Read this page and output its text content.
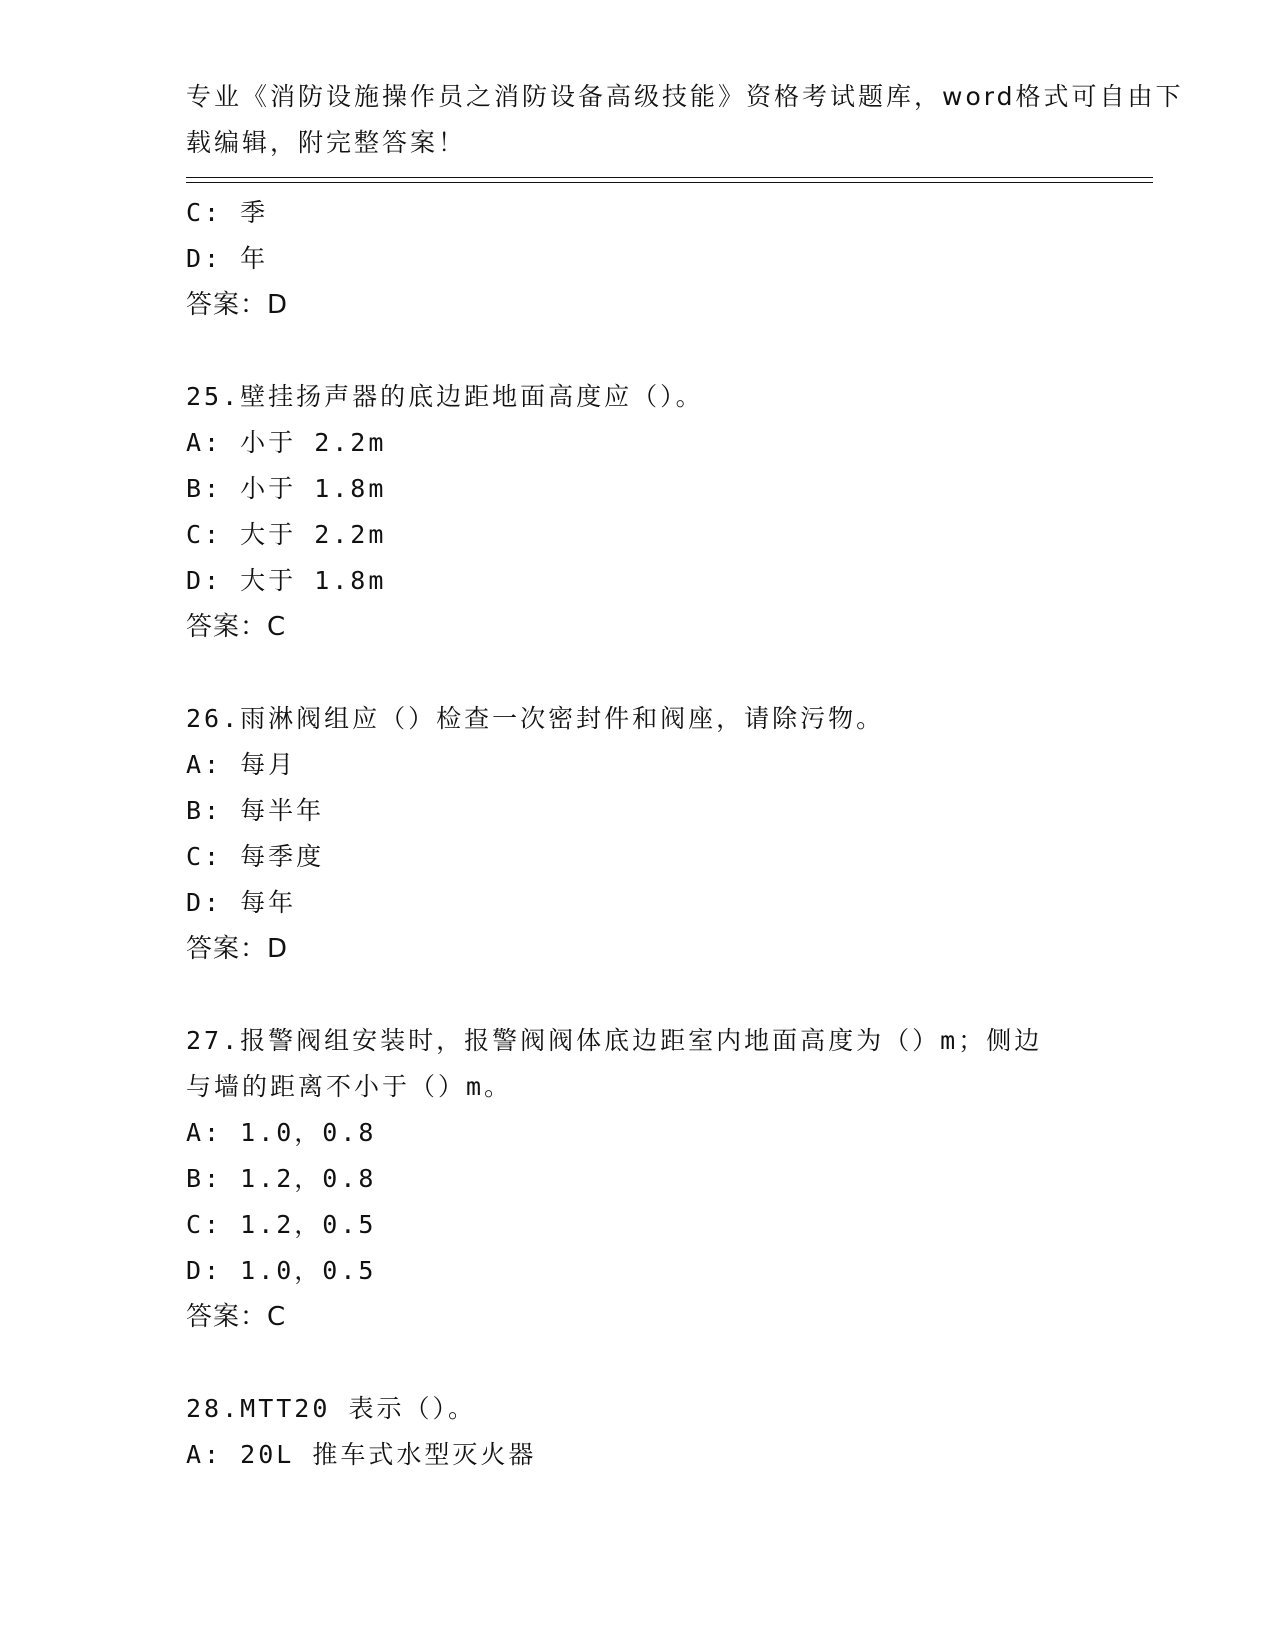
专业《消防设施操作员之消防设备高级技能》资格考试题库，word格式可自由下
载编辑，附完整答案！
C: 季
D: 年
答案：D
25.壁挂扬声器的底边距地面高度应（）。
A: 小于 2.2m
B: 小于 1.8m
C: 大于 2.2m
D: 大于 1.8m
答案：C
26.雨淋阀组应（）检查一次密封件和阀座，请除污物。
A: 每月
B: 每半年
C: 每季度
D: 每年
答案：D
27.报警阀组安装时，报警阀阀体底边距室内地面高度为（）m；侧边
与墙的距离不小于（）m。
A: 1.0，0.8
B: 1.2，0.8
C: 1.2，0.5
D: 1.0，0.5
答案：C
28.MTT20 表示（）。
A: 20L 推车式水型灭火器
